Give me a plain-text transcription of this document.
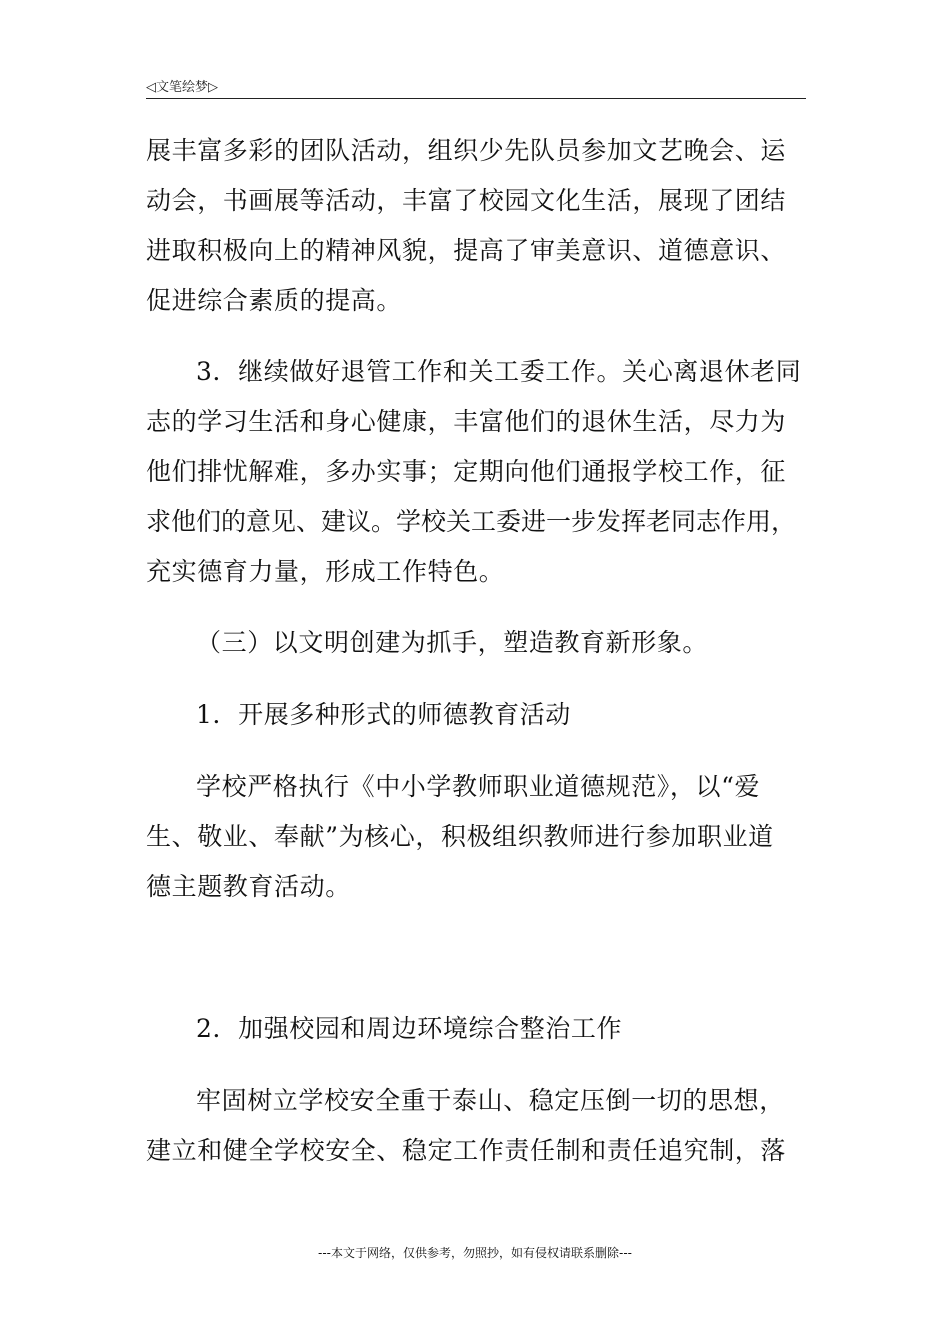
◁文笔绘梦▷
展丰富多彩的团队活动，组织少先队员参加文艺晚会、运
动会，书画展等活动，丰富了校园文化生活，展现了团结
进取积极向上的精神风貌，提高了审美意识、道德意识、
促进综合素质的提高。
3．继续做好退管工作和关工委工作。关心离退休老同
志的学习生活和身心健康，丰富他们的退休生活，尽力为
他们排忧解难，多办实事；定期向他们通报学校工作，征
求他们的意见、建议。学校关工委进一步发挥老同志作用，
充实德育力量，形成工作特色。
（三）以文明创建为抓手，塑造教育新形象。
1．开展多种形式的师德教育活动
学校严格执行《中小学教师职业道德规范》，以“爱
生、敬业、奉献”为核心，积极组织教师进行参加职业道
德主题教育活动。
2．加强校园和周边环境综合整治工作
牢固树立学校安全重于泰山、稳定压倒一切的思想，
建立和健全学校安全、稳定工作责任制和责任追究制，落
---本文于网络，仅供参考，勿照抄，如有侵权请联系删除---
